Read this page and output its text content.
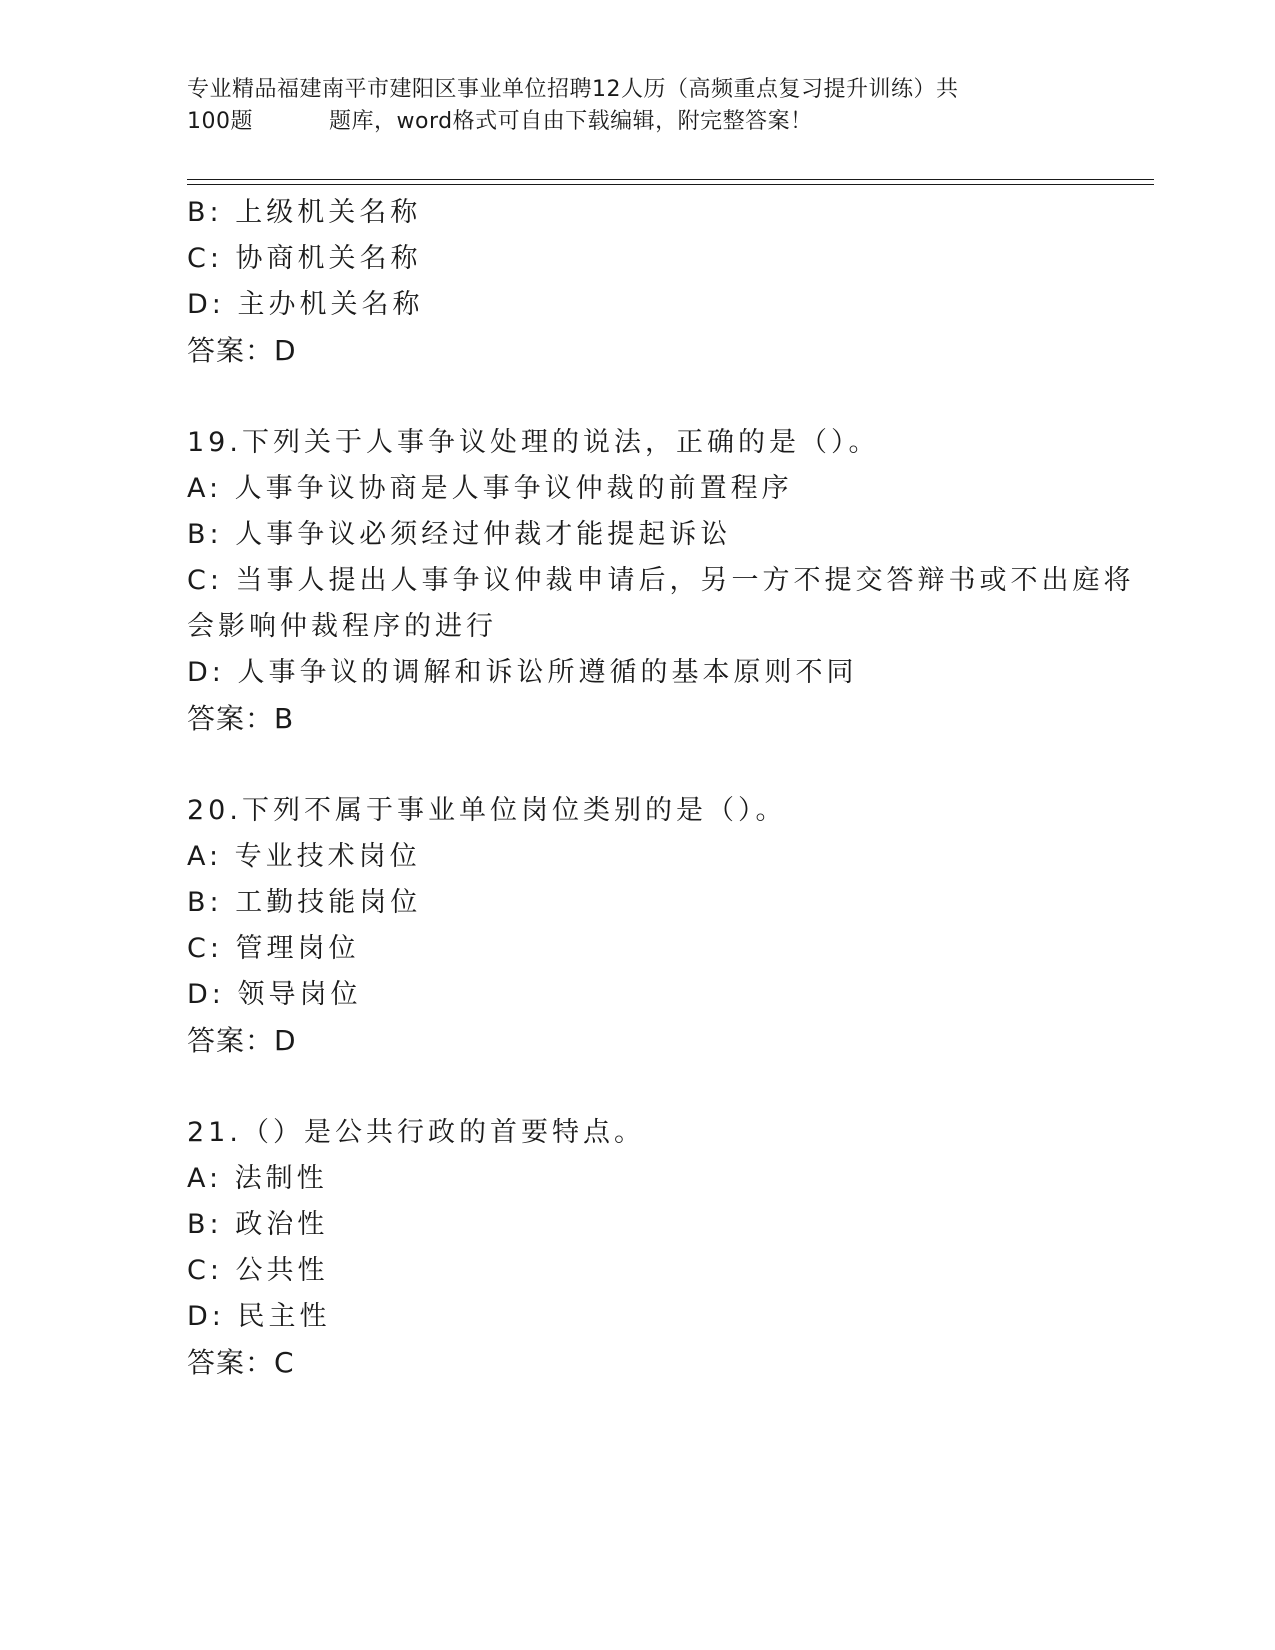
专业精品福建南平市建阳区事业单位招聘12人历（高频重点复习提升训练）共
100题	题库，word格式可自由下载编辑，附完整答案！
B: 上级机关名称
C: 协商机关名称
D: 主办机关名称
答案：D
19.下列关于人事争议处理的说法，正确的是（）。
A: 人事争议协商是人事争议仲裁的前置程序
B: 人事争议必须经过仲裁才能提起诉讼
C: 当事人提出人事争议仲裁申请后，另一方不提交答辩书或不出庭将
会影响仲裁程序的进行
D: 人事争议的调解和诉讼所遵循的基本原则不同
答案：B
20.下列不属于事业单位岗位类别的是（）。
A: 专业技术岗位
B: 工勤技能岗位
C: 管理岗位
D: 领导岗位
答案：D
21.（）是公共行政的首要特点。
A: 法制性
B: 政治性
C: 公共性
D: 民主性
答案：C
